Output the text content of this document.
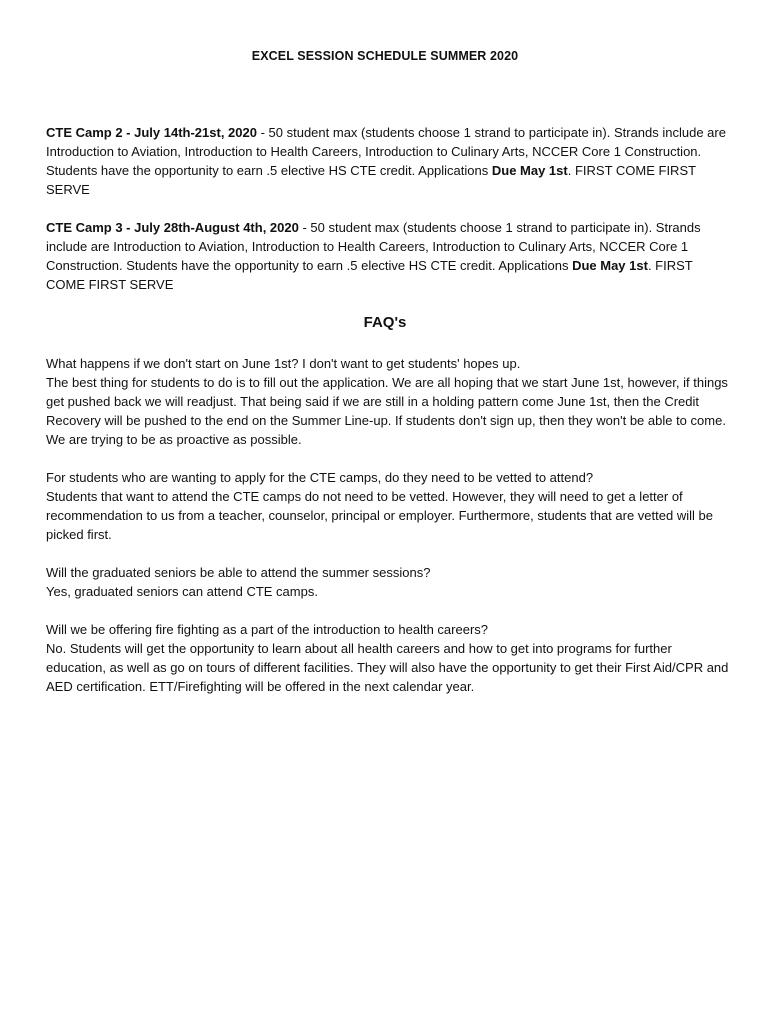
EXCEL SESSION SCHEDULE SUMMER 2020

CTE Camp 2 - July 14th-21st, 2020 - 50 student max (students choose 1 strand to participate in). Strands include are Introduction to Aviation, Introduction to Health Careers, Introduction to Culinary Arts, NCCER Core 1 Construction. Students have the opportunity to earn .5 elective HS CTE credit. Applications Due May 1st. FIRST COME FIRST SERVE

CTE Camp 3 - July 28th-August 4th, 2020 - 50 student max (students choose 1 strand to participate in). Strands include are Introduction to Aviation, Introduction to Health Careers, Introduction to Culinary Arts, NCCER Core 1 Construction. Students have the opportunity to earn .5 elective HS CTE credit. Applications Due May 1st. FIRST COME FIRST SERVE

FAQ's

What happens if we don't start on June 1st? I don't want to get students' hopes up.

The best thing for students to do is to fill out the application. We are all hoping that we start June 1st, however, if things get pushed back we will readjust. That being said if we are still in a holding pattern come June 1st, then the Credit Recovery will be pushed to the end on the Summer Line-up. If students don't sign up, then they won't be able to come. We are trying to be as proactive as possible.

For students who are wanting to apply for the CTE camps, do they need to be vetted to attend?

Students that want to attend the CTE camps do not need to be vetted. However, they will need to get a letter of recommendation to us from a teacher, counselor, principal or employer. Furthermore, students that are vetted will be picked first.

Will the graduated seniors be able to attend the summer sessions?

Yes, graduated seniors can attend CTE camps.

Will we be offering fire fighting as a part of the introduction to health careers?

No. Students will get the opportunity to learn about all health careers and how to get into programs for further education, as well as go on tours of different facilities. They will also have the opportunity to get their First Aid/CPR and AED certification. ETT/Firefighting will be offered in the next calendar year.
